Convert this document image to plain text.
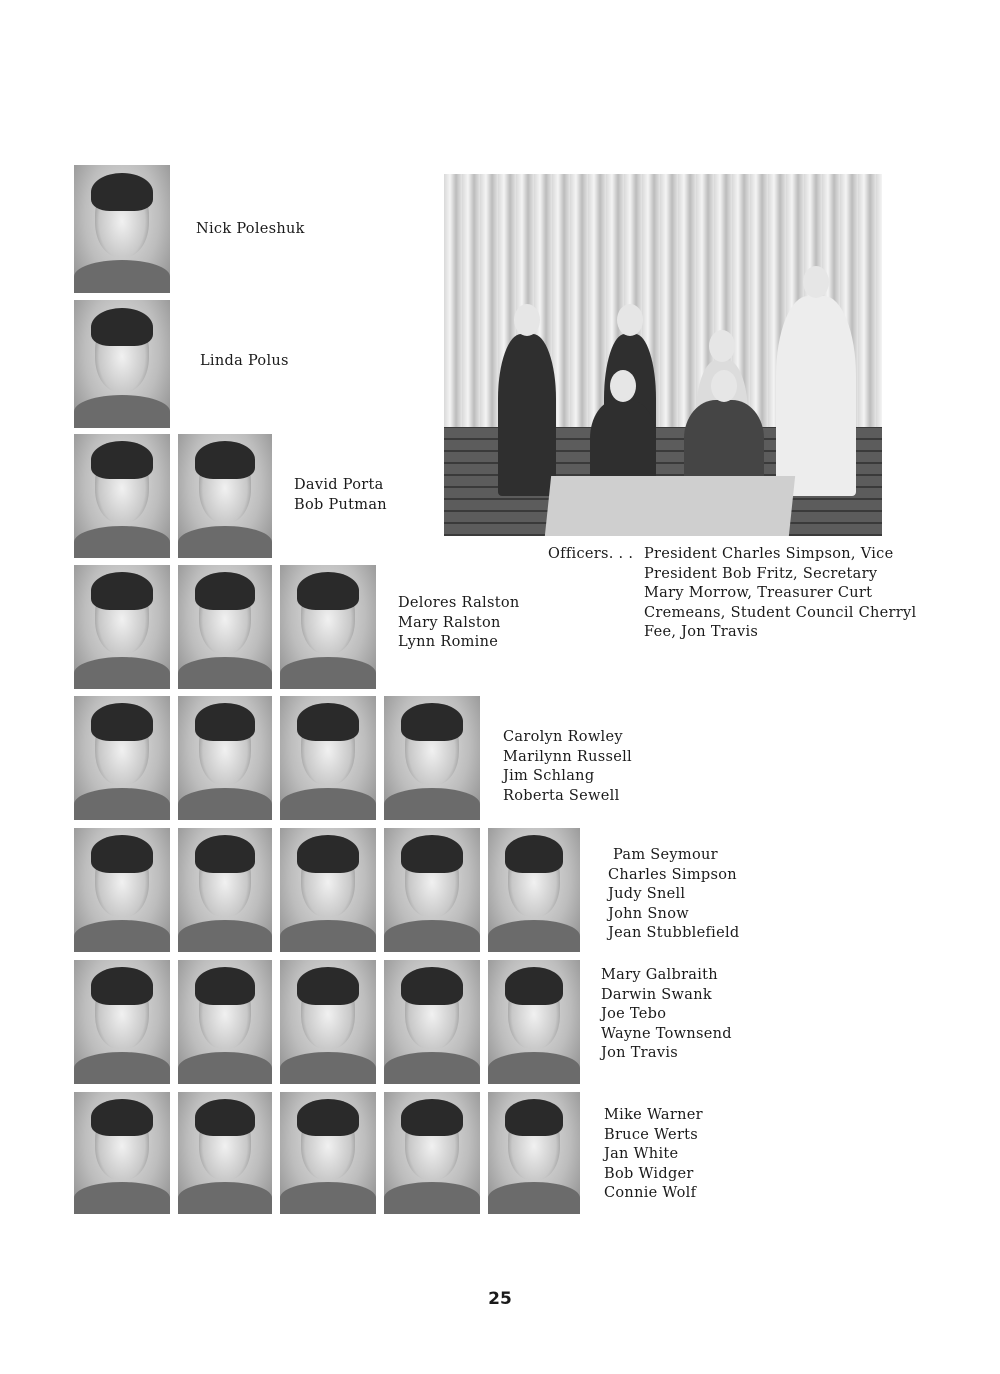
Nick Poleshuk
Linda Polus
David Porta
Bob Putman
Delores Ralston
Mary Ralston
Lynn Romine
Carolyn Rowley
Marilynn Russell
Jim Schlang
Roberta Sewell
Pam Seymour
Charles Simpson
Judy Snell
John Snow
Jean Stubblefield
Mary Galbraith
Darwin Swank
Joe Tebo
Wayne Townsend
Jon Travis
Mike Warner
Bruce Werts
Jan White
Bob Widger
Connie Wolf
Officers. . . President Charles Simpson, Vice
President Bob Fritz, Secretary
Mary Morrow, Treasurer Curt
Cremeans, Student Council Cherryl
Fee, Jon Travis
25
